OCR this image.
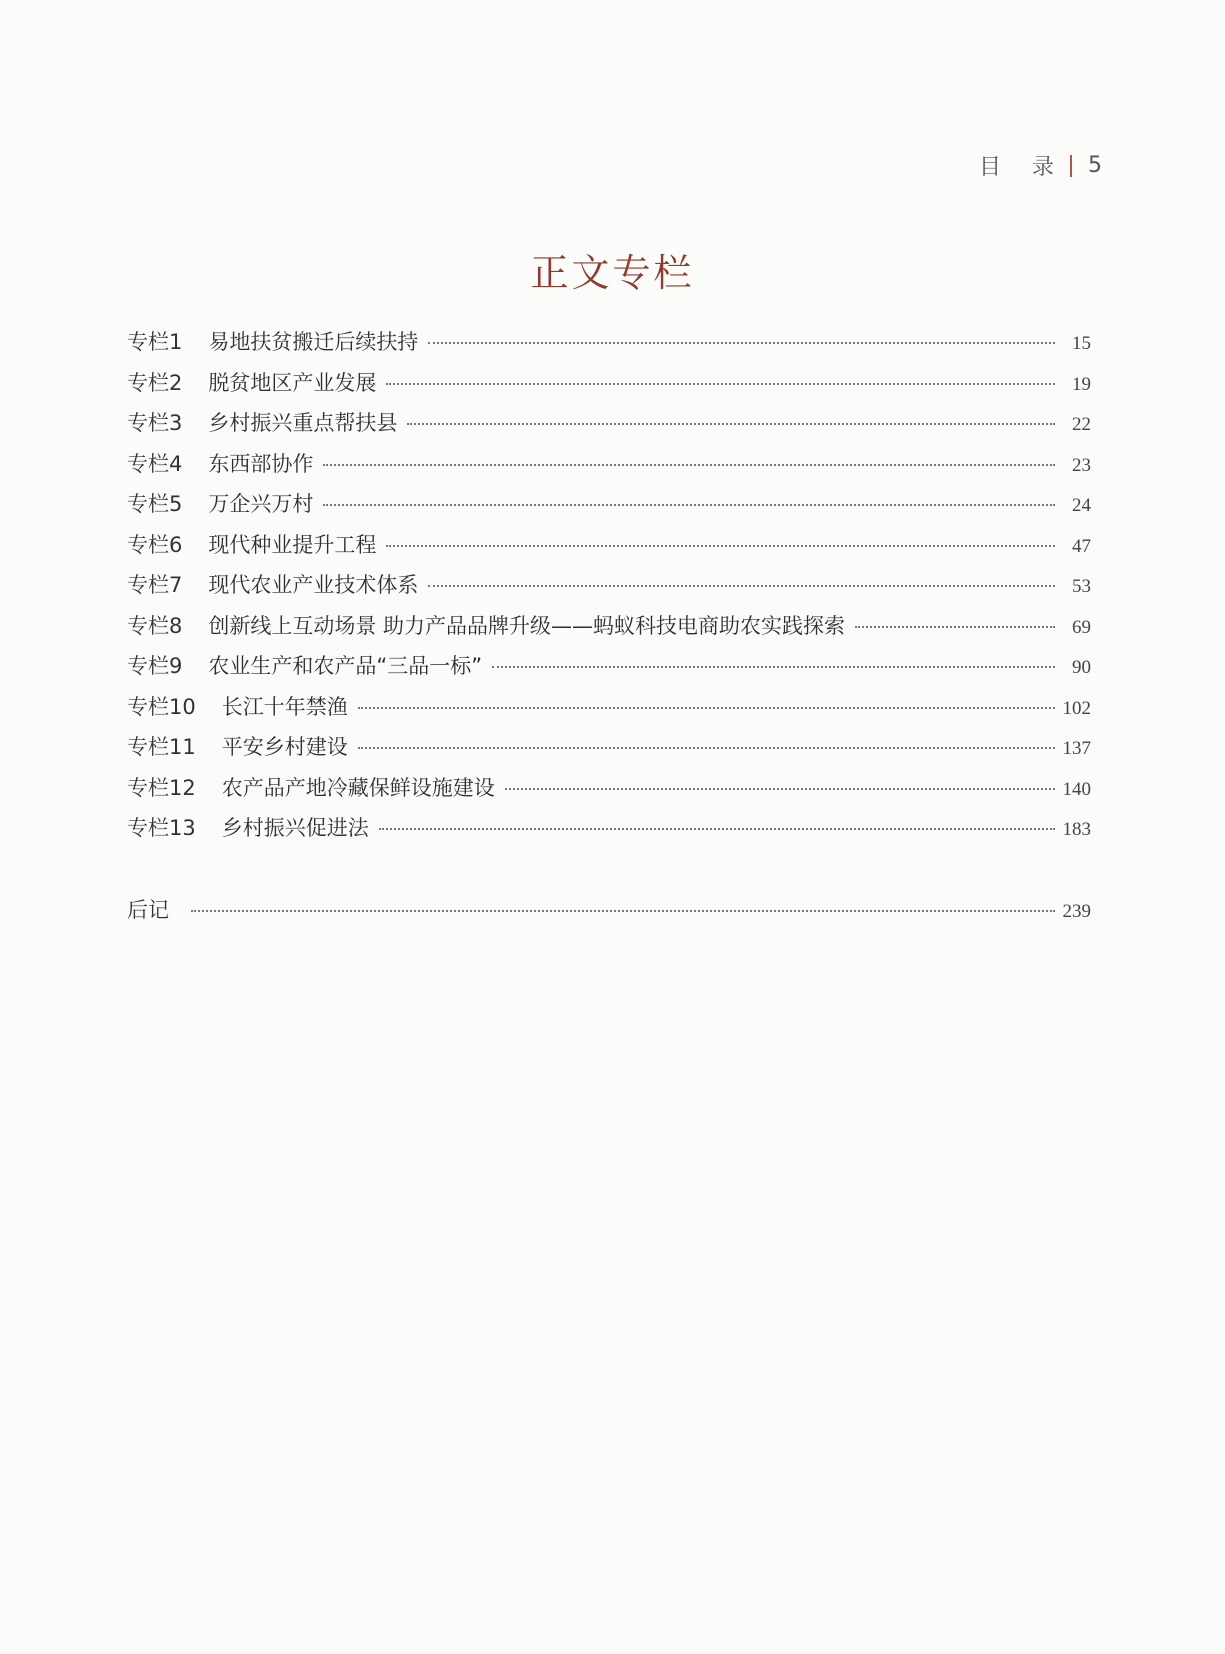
目 录 5
正文专栏
专栏1 易地扶贫搬迁后续扶持	15
专栏2 脱贫地区产业发展	19
专栏3 乡村振兴重点帮扶县	22
专栏4 东西部协作	23
专栏5 万企兴万村	24
专栏6 现代种业提升工程	47
专栏7 现代农业产业技术体系	53
专栏8 创新线上互动场景 助力产品品牌升级——蚂蚁科技电商助农实践探索	69
专栏9 农业生产和农产品“三品一标”	90
专栏10 长江十年禁渔	102
专栏11 平安乡村建设	137
专栏12 农产品产地冷藏保鲜设施建设	140
专栏13 乡村振兴促进法	183
后记	239
